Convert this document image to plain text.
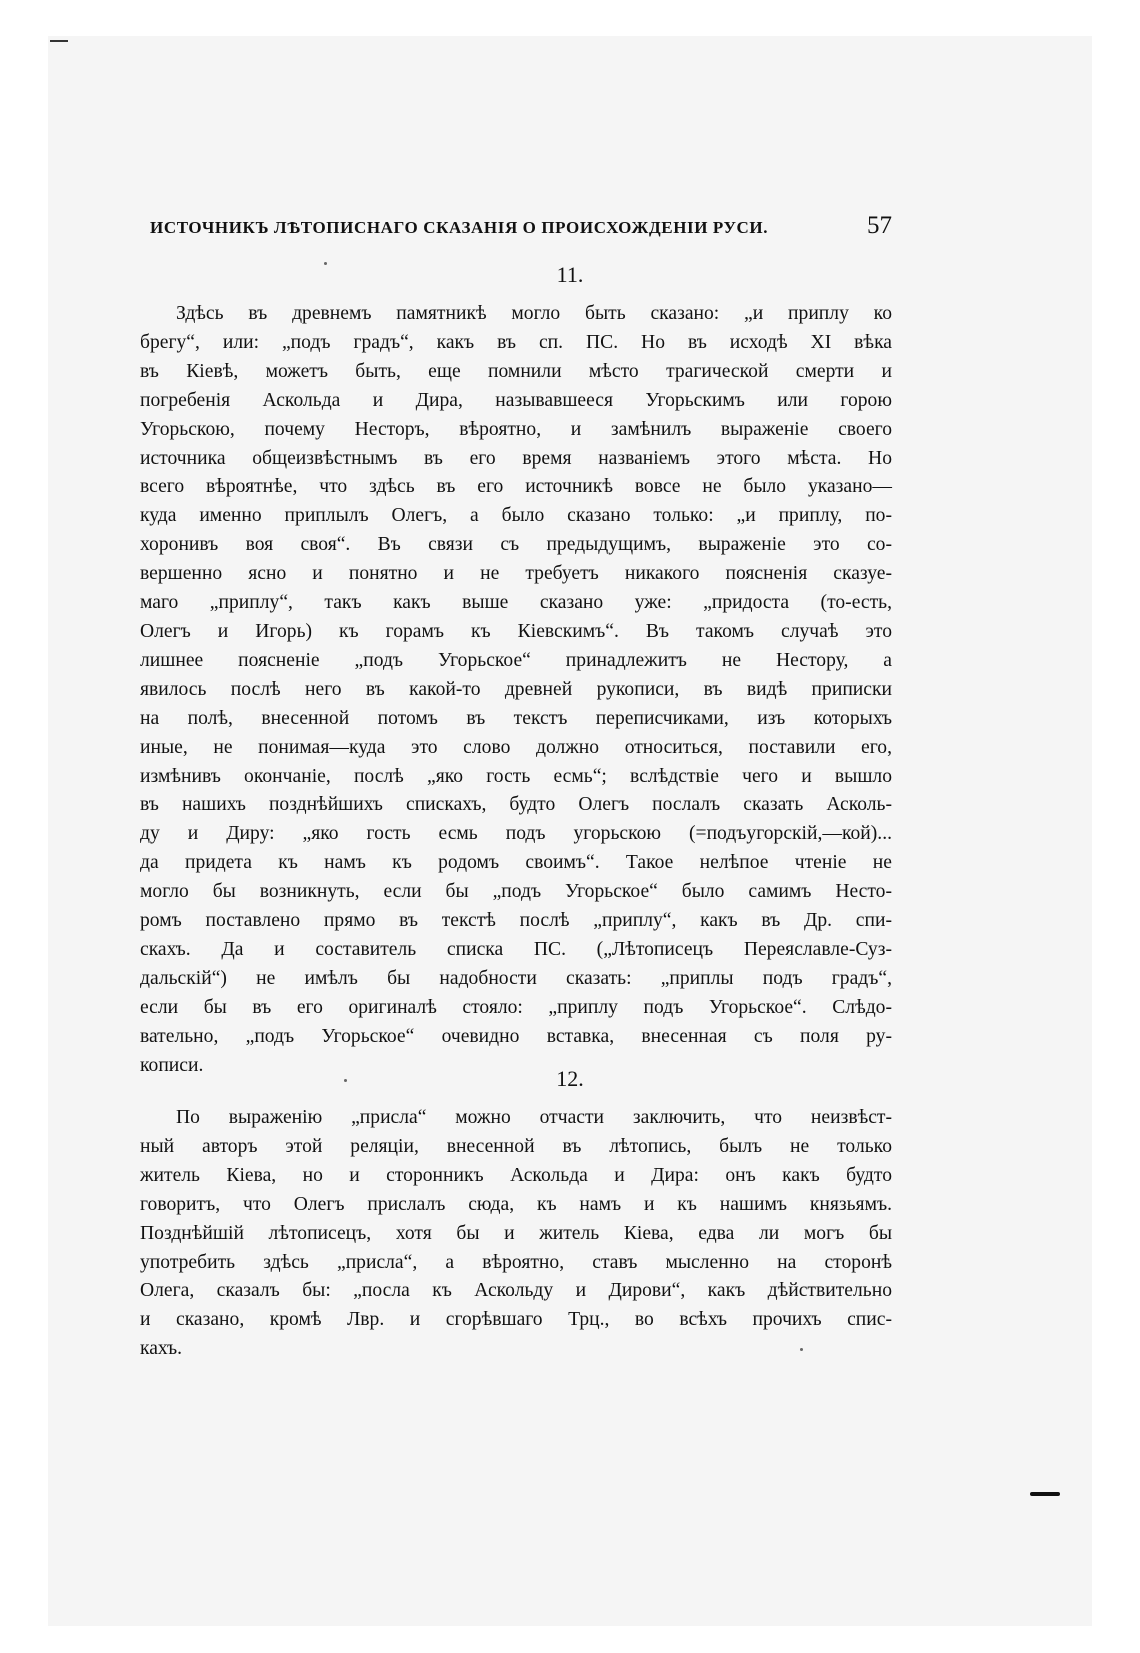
ИСТОЧНИКЪ ЛѢТОПИСНАГО СКАЗАНІЯ О ПРОИСХОЖДЕНІИ РУСИ.	57
11.
Здѣсь въ древнемъ памятникѣ могло быть сказано: „и приплу ко
брегу“, или: „подъ градъ“, какъ въ сп. ПС. Но въ исходѣ XI вѣка
въ Кіевѣ, можетъ быть, еще помнили мѣсто трагической смерти и
погребенія Аскольда и Дира, называвшееся Угорьскимъ или горою
Угорьскою, почему Несторъ, вѣроятно, и замѣнилъ выраженіе своего
источника общеизвѣстнымъ въ его время названіемъ этого мѣста. Но
всего вѣроятнѣе, что здѣсь въ его источникѣ вовсе не было указано—
куда именно приплылъ Олегъ, а было сказано только: „и приплу, по-
хоронивъ воя своя“. Въ связи съ предыдущимъ, выраженіе это со-
вершенно ясно и понятно и не требуетъ никакого поясненія сказуе-
маго „приплу“, такъ какъ выше сказано уже: „придоста (то-есть,
Олегъ и Игорь) къ горамъ къ Кіевскимъ“. Въ такомъ случаѣ это
лишнее поясненіе „подъ Угорьское“ принадлежитъ не Нестору, а
явилось послѣ него въ какой-то древней рукописи, въ видѣ приписки
на полѣ, внесенной потомъ въ текстъ переписчиками, изъ которыхъ
иные, не понимая—куда это слово должно относиться, поставили его,
измѣнивъ окончаніе, послѣ „яко гость есмь“; вслѣдствіе чего и вышло
въ нашихъ позднѣйшихъ спискахъ, будто Олегъ послалъ сказать Асколь-
ду и Диру: „яко гость есмь подъ угорьскою (=подъугорскій,—кой)...
да придета къ намъ къ родомъ своимъ“. Такое нелѣпое чтеніе не
могло бы возникнуть, если бы „подъ Угорьское“ было самимъ Несто-
ромъ поставлено прямо въ текстѣ послѣ „приплу“, какъ въ Др. спи-
скахъ. Да и составитель списка ПС. („Лѣтописецъ Переяславле-Суз-
дальскій“) не имѣлъ бы надобности сказать: „приплы подъ градъ“,
если бы въ его оригиналѣ стояло: „приплу подъ Угорьское“. Слѣдо-
вательно, „подъ Угорьское“ очевидно вставка, внесенная съ поля ру-
кописи.
12.
По выраженію „присла“ можно отчасти заключить, что неизвѣст-
ный авторъ этой реляціи, внесенной въ лѣтопись, былъ не только
житель Кіева, но и сторонникъ Аскольда и Дира: онъ какъ будто
говоритъ, что Олегъ прислалъ сюда, къ намъ и къ нашимъ князьямъ.
Позднѣйшій лѣтописецъ, хотя бы и житель Кіева, едва ли могъ бы
употребить здѣсь „присла“, а вѣроятно, ставъ мысленно на сторонѣ
Олега, сказалъ бы: „посла къ Аскольду и Дирови“, какъ дѣйствительно
и сказано, кромѣ Лвр. и сгорѣвшаго Трц., во всѣхъ прочихъ спис-
кахъ.
